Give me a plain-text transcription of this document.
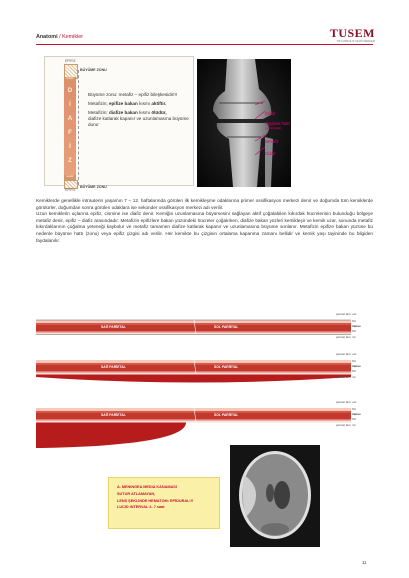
Anatomi / Kemikler	TUSEM
TIP UZMANLIK SINAV MERKEZİ
EPİFİZ
metafiz
D
İ
A
F
İ
Z
metafiz
EPİFİZ
BÜYÜME ZONU
BÜYÜME ZONU

Büyüme zonu: metafiz – epifiz bileşkesidir!!!

Metafizin; epifize bakan kısmı aktiftir.

Metafizin; diafize bakan kısmı ölüdür,
diafize katlarak kapanır ve uzunlamasına büyüme durur

Epifiz
Büyüme hattı
(epifiz plağı)
Metafiz
Diafiz

Kemiklerde genellikle intrauterin yaşamın 7 – 12. haftalarında görülen ilk kemikleşme odaklarına primer ossifikasyon merkezi denir ve doğumda tüm kemiklerde görülürler, doğumdan sonra görülen odaklara ise sekonder ossifikasyon merkezi adı verilir.

Uzun kemiklerin uçlarına epifiz, cismine ise diafiz denir. Kemiğin uzunlamasına büyümesini sağlayan aktif çoğalabilen kıkırdak hücrelerinin bulunduğu bölgeye metafiz denir, epifiz – diafiz arasındadır. Metafizin epifizlere bakan yüzündeki hücreler çoğalırken, diafize bakan yüzleri kemikleşir ve kemik uzar, sonunda metafiz kıkırdaklarının çoğalma yeteneği kaybolur ve metafiz tamamen diafize katlarak kapanır ve uzunlamasına büyüme sonlanır. Metafizin epifize bakan yüzüne bu nedenle büyüme hattı (zonu) veya epifiz çizgisi adı verilir. Her kemikte bu çizginin ortalama kapanma zamanı bellidir ve kemik yaşı tayininde bu bilgiden faydalanılır.

SAĞ PARİETAL	SOL PARİETAL
periost lam. ext
SC
diploe
SC
periost lam. int
SAĞ PARİETAL	SOL PARİETAL
periost lam. ext
SC
diploe
SC
periost lam. int
SAĞ PARİETAL	SOL PARİETAL
periost lam. ext
SC
diploe
SC
periost lam. int

A. MENINGEA MEDIA KANAMASI

SUTUR ATLAMAYAN,

LENS ŞEKLİNDE HEMATOM: EPİDURAL!!!

LUCID INTERVAL 2- 7 saat

11
